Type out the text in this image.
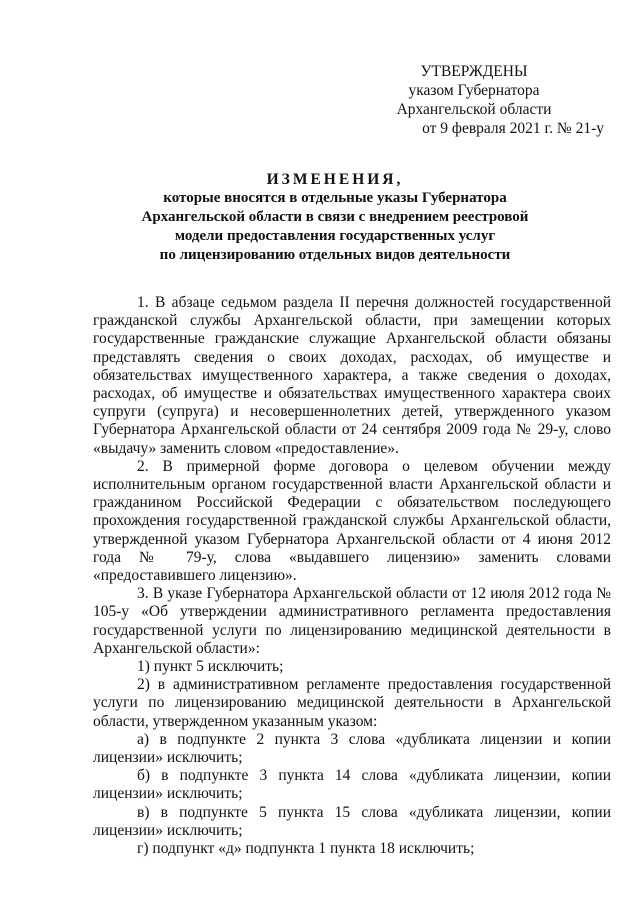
УТВЕРЖДЕНЫ
указом Губернатора
Архангельской области
от 9 февраля 2021 г. № 21-у
ИЗМЕНЕНИЯ,
которые вносятся в отдельные указы Губернатора
Архангельской области в связи с внедрением реестровой
модели предоставления государственных услуг
по лицензированию отдельных видов деятельности

1. В абзаце седьмом раздела II перечня должностей государственной гражданской службы Архангельской области, при замещении которых государственные гражданские служащие Архангельской области обязаны представлять сведения о своих доходах, расходах, об имуществе и обязательствах имущественного характера, а также сведения о доходах, расходах, об имуществе и обязательствах имущественного характера своих супруги (супруга) и несовершеннолетних детей, утвержденного указом Губернатора Архангельской области от 24 сентября 2009 года № 29-у, слово «выдачу» заменить словом «предоставление».

2. В примерной форме договора о целевом обучении между исполнительным органом государственной власти Архангельской области и гражданином Российской Федерации с обязательством последующего прохождения государственной гражданской службы Архангельской области, утвержденной указом Губернатора Архангельской области от 4 июня 2012 года № 79-у, слова «выдавшего лицензию» заменить словами «предоставившего лицензию».

3. В указе Губернатора Архангельской области от 12 июля 2012 года № 105-у «Об утверждении административного регламента предоставления государственной услуги по лицензированию медицинской деятельности в Архангельской области»:

1) пункт 5 исключить;

2) в административном регламенте предоставления государственной услуги по лицензированию медицинской деятельности в Архангельской области, утвержденном указанным указом:

а) в подпункте 2 пункта 3 слова «дубликата лицензии и копии лицензии» исключить;

б) в подпункте 3 пункта 14 слова «дубликата лицензии, копии лицензии» исключить;

в) в подпункте 5 пункта 15 слова «дубликата лицензии, копии лицензии» исключить;

г) подпункт «д» подпункта 1 пункта 18 исключить;
